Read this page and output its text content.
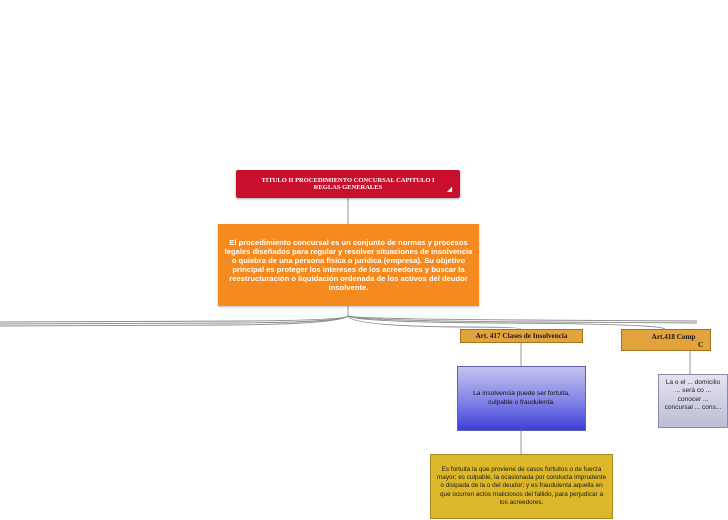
TITULO II PROCEDIMIENTO CONCURSAL CAPITULO I REGLAS GENERALES	◢
El procedimiento concursal es un conjunto de normas y procesos legales diseñados para regular y resolver situaciones de insolvencia o quiebra de una persona física o jurídica (empresa). Su objetivo principal es proteger los intereses de los acreedores y buscar la reestructuración o liquidación ordenada de los activos del deudor insolvente.
Art. 417 Clases de Insolvencia	Art.418 Comp
C
La insolvencia puede ser fortuita, culpable o fraudulenta.
Es fortuita la que proviene de casos fortuitos o de fuerza mayor; es culpable, la ocasionada por conducta imprudente o disipada de la o del deudor; y es fraudulenta aquella en que ocurren actos maliciosos del fallido, para perjudicar a los acreedores.
La o el ... domicilio ... será co ... conocer ... concursal ... cons...
